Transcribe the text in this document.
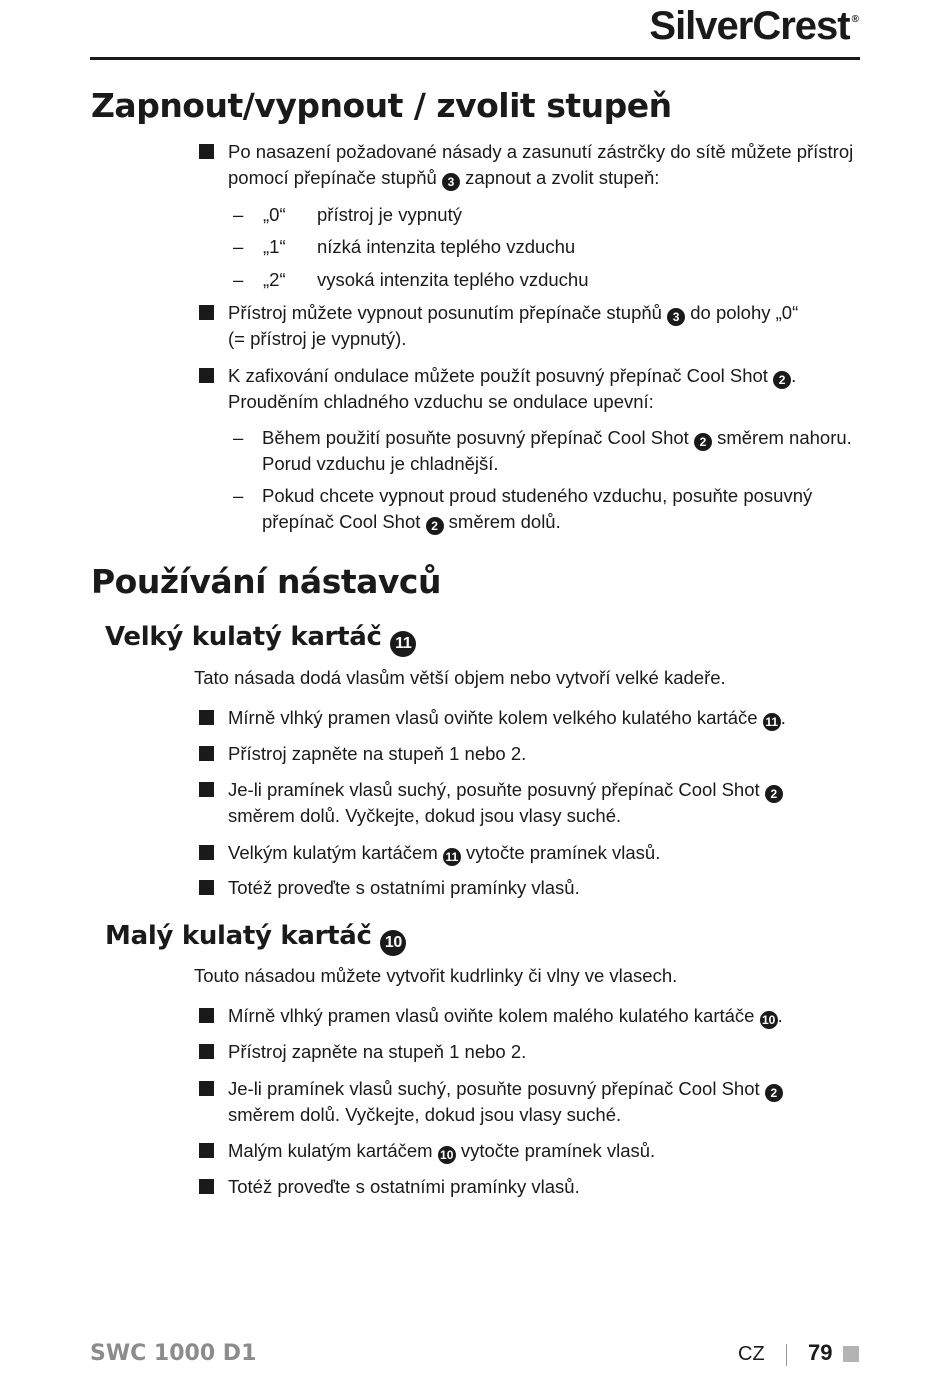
SilverCrest ®
Zapnout/vypnout / zvolit stupeň
Po nasazení požadované násady a zasunutí zástrčky do sítě můžete přístroj
pomocí přepínače stupňů 3 zapnout a zvolit stupeň:
– „0“ přístroj je vypnutý
– „1“ nízká intenzita teplého vzduchu
– „2“ vysoká intenzita teplého vzduchu
Přístroj můžete vypnout posunutím přepínače stupňů 3 do polohy „0“
(= přístroj je vypnutý).
K zafixování ondulace můžete použít posuvný přepínač Cool Shot 2 .
Prouděním chladného vzduchu se ondulace upevní:
– Během použití posuňte posuvný přepínač Cool Shot 2 směrem nahoru.
Porud vzduchu je chladnější.
– Pokud chcete vypnout proud studeného vzduchu, posuňte posuvný
přepínač Cool Shot 2 směrem dolů.
Používání nástavců
Velký kulatý kartáč 11
Tato násada dodá vlasům větší objem nebo vytvoří velké kadeře.
Mírně vlhký pramen vlasů oviňte kolem velkého kulatého kartáče 11 .
Přístroj zapněte na stupeň 1 nebo 2.
Je-li pramínek vlasů suchý, posuňte posuvný přepínač Cool Shot 2
směrem dolů. Vyčkejte, dokud jsou vlasy suché.
Velkým kulatým kartáčem 11 vytočte pramínek vlasů.
Totéž proveďte s ostatními pramínky vlasů.
Malý kulatý kartáč 10
Touto násadou můžete vytvořit kudrlinky či vlny ve vlasech.
Mírně vlhký pramen vlasů oviňte kolem malého kulatého kartáče 10 .
Přístroj zapněte na stupeň 1 nebo 2.
Je-li pramínek vlasů suchý, posuňte posuvný přepínač Cool Shot 2
směrem dolů. Vyčkejte, dokud jsou vlasy suché.
Malým kulatým kartáčem 10 vytočte pramínek vlasů.
Totéž proveďte s ostatními pramínky vlasů.
SWC 1000 D1	CZ 79
